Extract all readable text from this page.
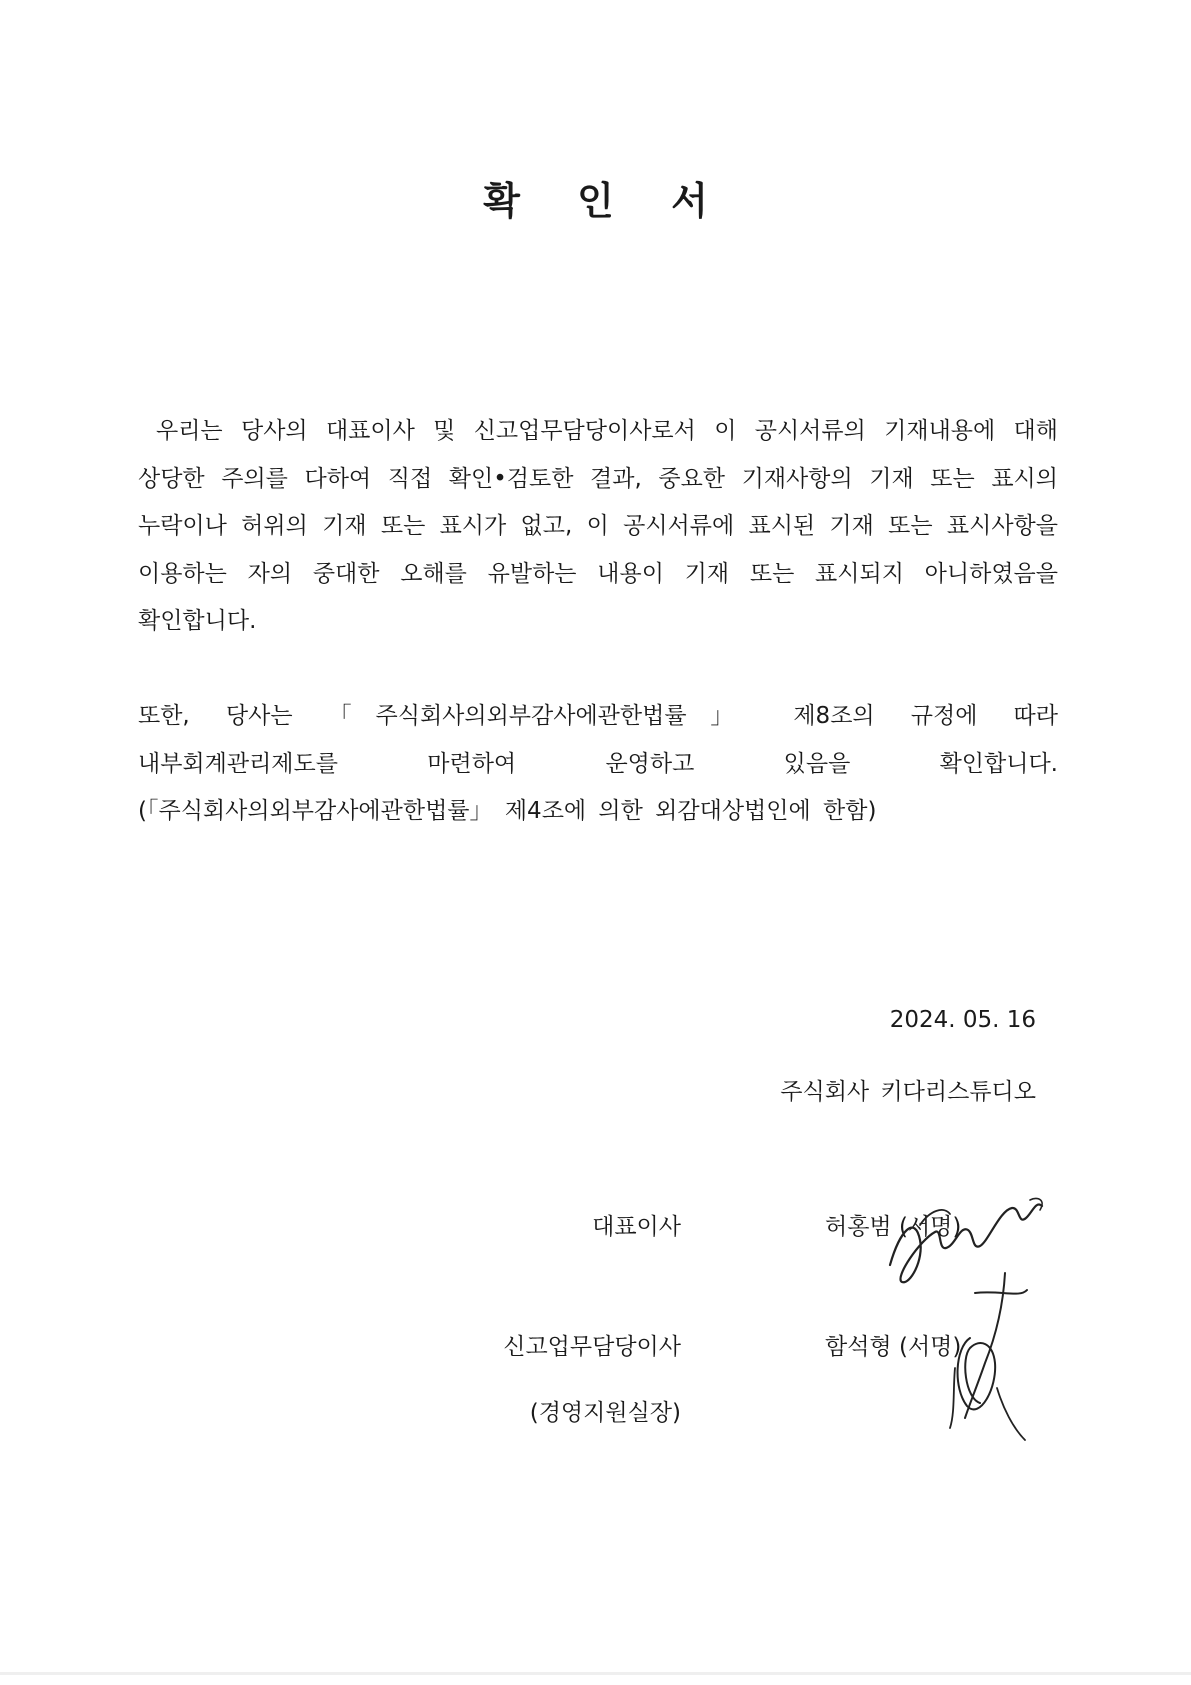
확 인 서
우리는 당사의 대표이사 및 신고업무담당이사로서 이 공시서류의 기재내용에 대해 상당한 주의를 다하여 직접 확인•검토한 결과, 중요한 기재사항의 기재 또는 표시의 누락이나 허위의 기재 또는 표시가 없고, 이 공시서류에 표시된 기재 또는 표시사항을 이용하는 자의 중대한 오해를 유발하는 내용이 기재 또는 표시되지 아니하였음을 확인합니다.
또한, 당사는 「주식회사의외부감사에관한법률」 제8조의 규정에 따라 내부회계관리제도를 마련하여 운영하고 있음을 확인합니다.(「주식회사의외부감사에관한법률」 제4조에 의한 외감대상법인에 한함)
2024. 05. 16
주식회사 키다리스튜디오
대표이사	허홍범 (서명)
신고업무담당이사	함석형 (서명)
(경영지원실장)
